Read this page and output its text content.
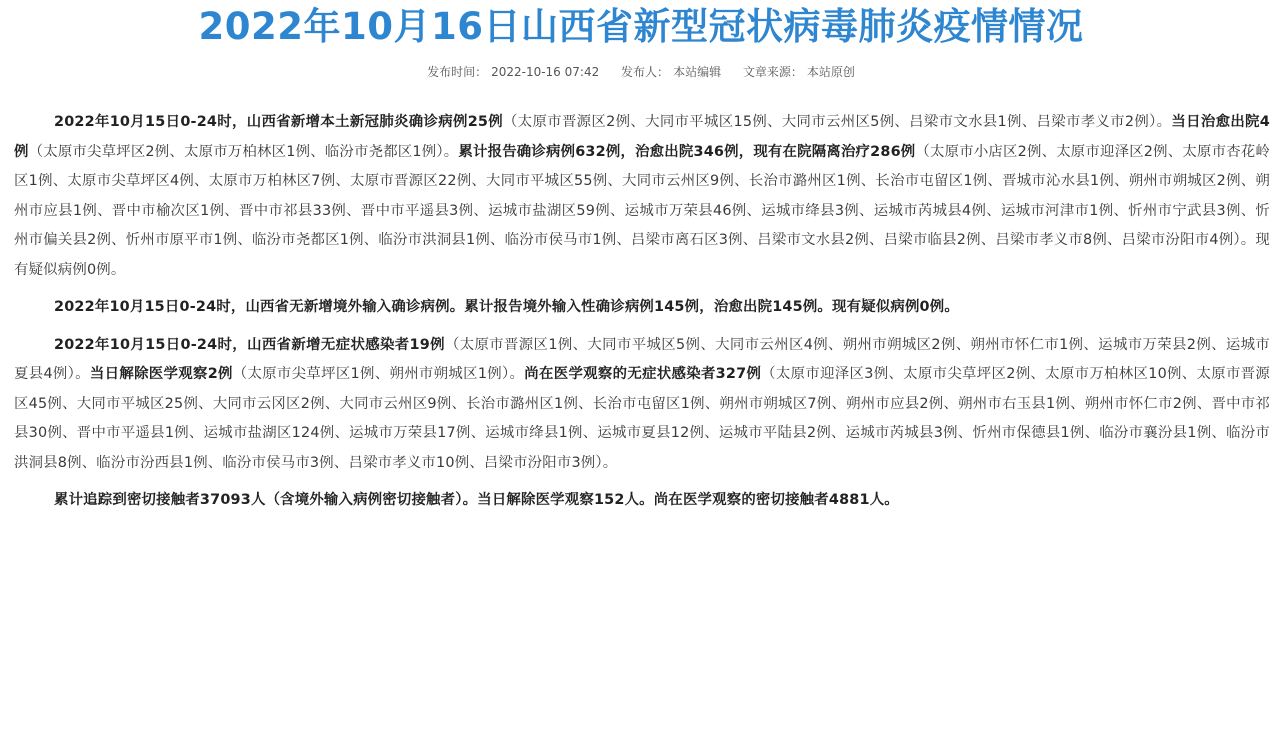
2022年10月16日山西省新型冠状病毒肺炎疫情情况
发布时间： 2022-10-16 07:42 发布人： 本站编辑 文章来源： 本站原创

2022年10月15日0-24时，山西省新增本土新冠肺炎确诊病例25例（太原市晋源区2例、大同市平城区15例、大同市云州区5例、吕梁市文水县1例、吕梁市孝义市2例）。当日治愈出院4例（太原市尖草坪区2例、太原市万柏林区1例、临汾市尧都区1例）。累计报告确诊病例632例，治愈出院346例，现有在院隔离治疗286例（太原市小店区2例、太原市迎泽区2例、太原市杏花岭区1例、太原市尖草坪区4例、太原市万柏林区7例、太原市晋源区22例、大同市平城区55例、大同市云州区9例、长治市潞州区1例、长治市屯留区1例、晋城市沁水县1例、朔州市朔城区2例、朔州市应县1例、晋中市榆次区1例、晋中市祁县33例、晋中市平遥县3例、运城市盐湖区59例、运城市万荣县46例、运城市绛县3例、运城市芮城县4例、运城市河津市1例、忻州市宁武县3例、忻州市偏关县2例、忻州市原平市1例、临汾市尧都区1例、临汾市洪洞县1例、临汾市侯马市1例、吕梁市离石区3例、吕梁市文水县2例、吕梁市临县2例、吕梁市孝义市8例、吕梁市汾阳市4例）。现有疑似病例0例。

2022年10月15日0-24时，山西省无新增境外输入确诊病例。累计报告境外输入性确诊病例145例，治愈出院145例。现有疑似病例0例。

2022年10月15日0-24时，山西省新增无症状感染者19例（太原市晋源区1例、大同市平城区5例、大同市云州区4例、朔州市朔城区2例、朔州市怀仁市1例、运城市万荣县2例、运城市夏县4例）。当日解除医学观察2例（太原市尖草坪区1例、朔州市朔城区1例）。尚在医学观察的无症状感染者327例（太原市迎泽区3例、太原市尖草坪区2例、太原市万柏林区10例、太原市晋源区45例、大同市平城区25例、大同市云冈区2例、大同市云州区9例、长治市潞州区1例、长治市屯留区1例、朔州市朔城区7例、朔州市应县2例、朔州市右玉县1例、朔州市怀仁市2例、晋中市祁县30例、晋中市平遥县1例、运城市盐湖区124例、运城市万荣县17例、运城市绛县1例、运城市夏县12例、运城市平陆县2例、运城市芮城县3例、忻州市保德县1例、临汾市襄汾县1例、临汾市洪洞县8例、临汾市汾西县1例、临汾市侯马市3例、吕梁市孝义市10例、吕梁市汾阳市3例）。

累计追踪到密切接触者37093人（含境外输入病例密切接触者）。当日解除医学观察152人。尚在医学观察的密切接触者4881人。
